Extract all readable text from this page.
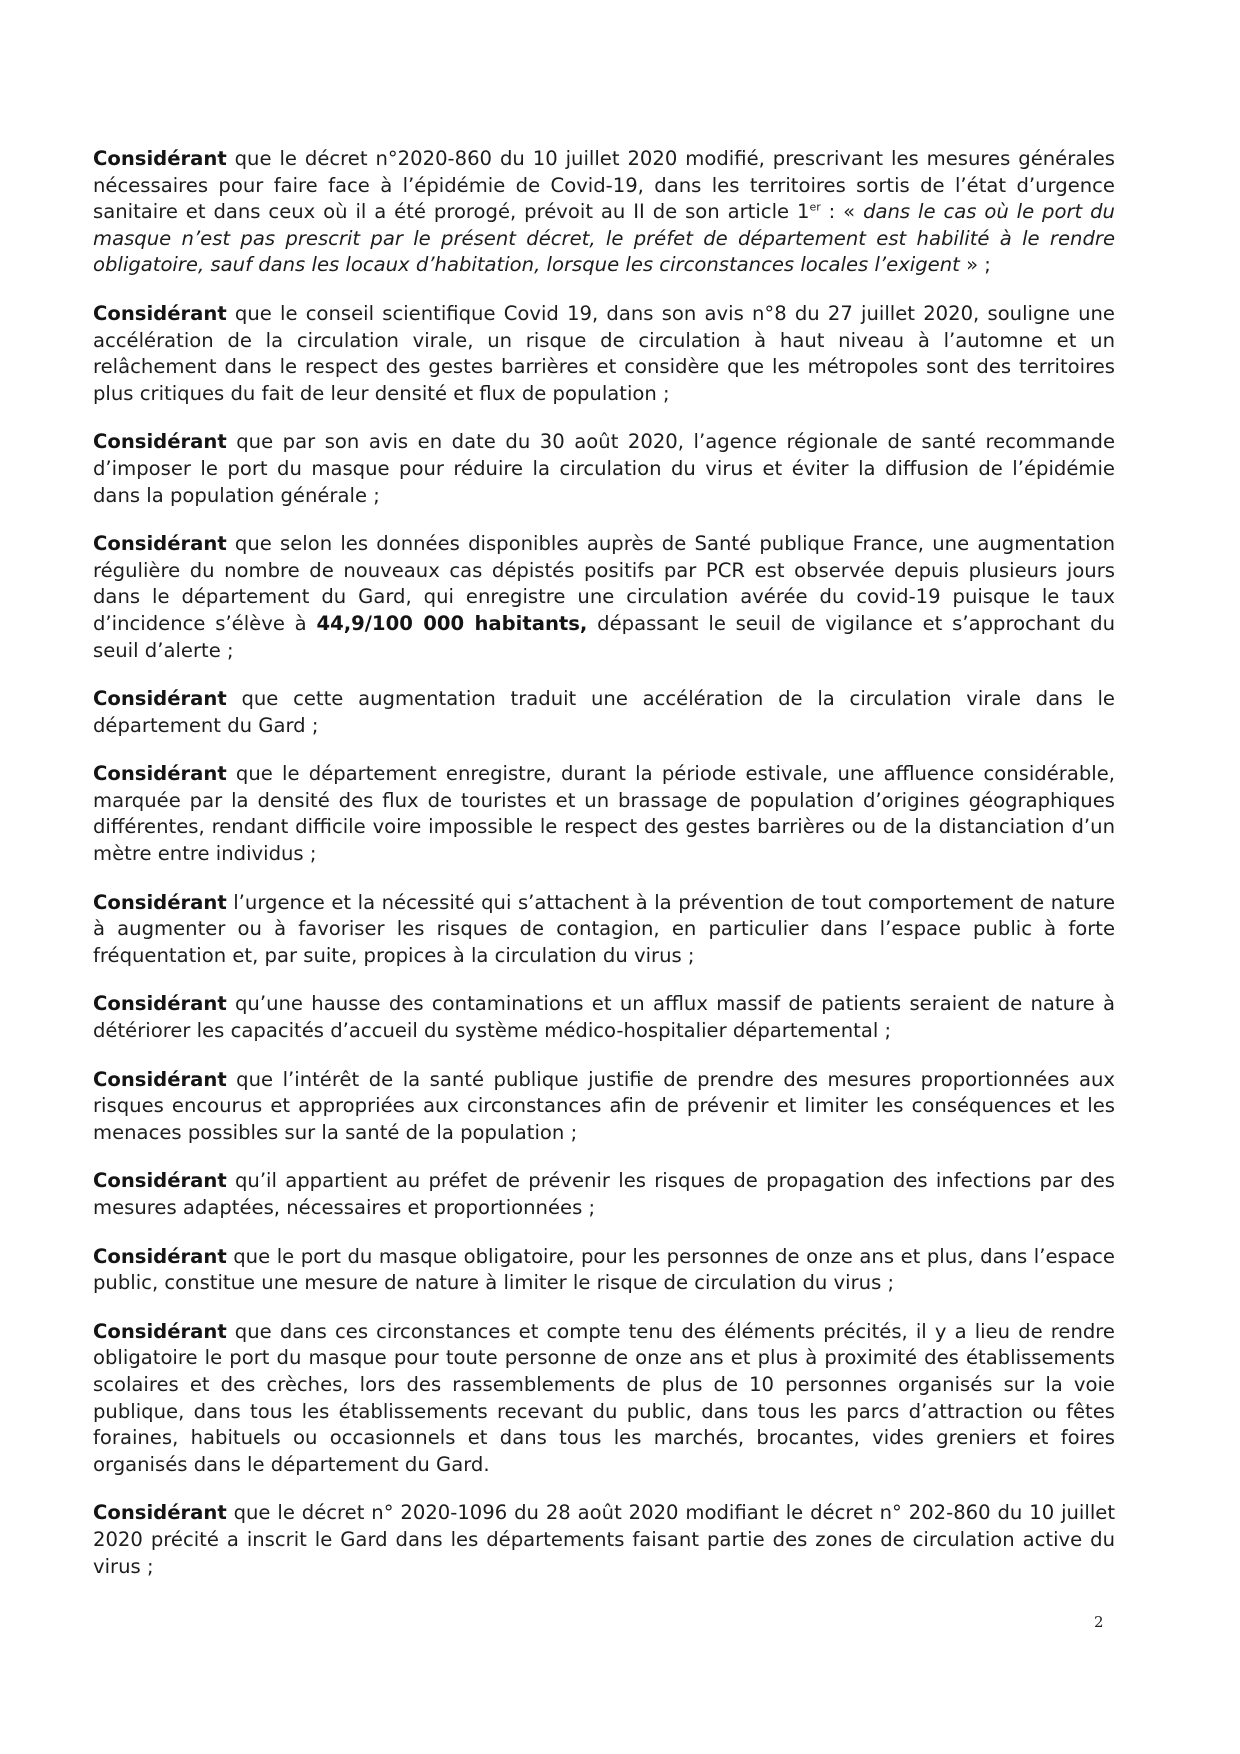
Considérant que le décret n°2020-860 du 10 juillet 2020 modifié, prescrivant les mesures générales nécessaires pour faire face à l’épidémie de Covid-19, dans les territoires sortis de l’état d’urgence sanitaire et dans ceux où il a été prorogé, prévoit au II de son article 1er : « dans le cas où le port du masque n’est pas prescrit par le présent décret, le préfet de département est habilité à le rendre obligatoire, sauf dans les locaux d’habitation, lorsque les circonstances locales l’exigent » ;

Considérant que le conseil scientifique Covid 19, dans son avis n°8 du 27 juillet 2020, souligne une accélération de la circulation virale, un risque de circulation à haut niveau à l’automne et un relâchement dans le respect des gestes barrières et considère que les métropoles sont des territoires plus critiques du fait de leur densité et flux de population ;

Considérant que par son avis en date du 30 août 2020, l’agence régionale de santé recommande d’imposer le port du masque pour réduire la circulation du virus et éviter la diffusion de l’épidémie dans la population générale ;

Considérant que selon les données disponibles auprès de Santé publique France, une augmentation régulière du nombre de nouveaux cas dépistés positifs par PCR est observée depuis plusieurs jours dans le département du Gard, qui enregistre une circulation avérée du covid-19 puisque le taux d’incidence s’élève à 44,9/100 000 habitants, dépassant le seuil de vigilance et s’approchant du seuil d’alerte ;

Considérant que cette augmentation traduit une accélération de la circulation virale dans le département du Gard ;

Considérant que le département enregistre, durant la période estivale, une affluence considérable, marquée par la densité des flux de touristes et un brassage de population d’origines géographiques différentes, rendant difficile voire impossible le respect des gestes barrières ou de la distanciation d’un mètre entre individus ;

Considérant l’urgence et la nécessité qui s’attachent à la prévention de tout comportement de nature à augmenter ou à favoriser les risques de contagion, en particulier dans l’espace public à forte fréquentation et, par suite, propices à la circulation du virus ;

Considérant qu’une hausse des contaminations et un afflux massif de patients seraient de nature à détériorer les capacités d’accueil du système médico-hospitalier départemental ;

Considérant que l’intérêt de la santé publique justifie de prendre des mesures proportionnées aux risques encourus et appropriées aux circonstances afin de prévenir et limiter les conséquences et les menaces possibles sur la santé de la population ;

Considérant qu’il appartient au préfet de prévenir les risques de propagation des infections par des mesures adaptées, nécessaires et proportionnées ;

Considérant que le port du masque obligatoire, pour les personnes de onze ans et plus, dans l’espace public, constitue une mesure de nature à limiter le risque de circulation du virus ;

Considérant que dans ces circonstances et compte tenu des éléments précités, il y a lieu de rendre obligatoire le port du masque pour toute personne de onze ans et plus à proximité des établissements scolaires et des crèches, lors des rassemblements de plus de 10 personnes organisés sur la voie publique, dans tous les établissements recevant du public, dans tous les parcs d’attraction ou fêtes foraines, habituels ou occasionnels et dans tous les marchés, brocantes, vides greniers et foires organisés dans le département du Gard.

Considérant que le décret n° 2020-1096 du 28 août 2020 modifiant le décret n° 202-860 du 10 juillet 2020 précité a inscrit le Gard dans les départements faisant partie des zones de circulation active du virus ;

2
